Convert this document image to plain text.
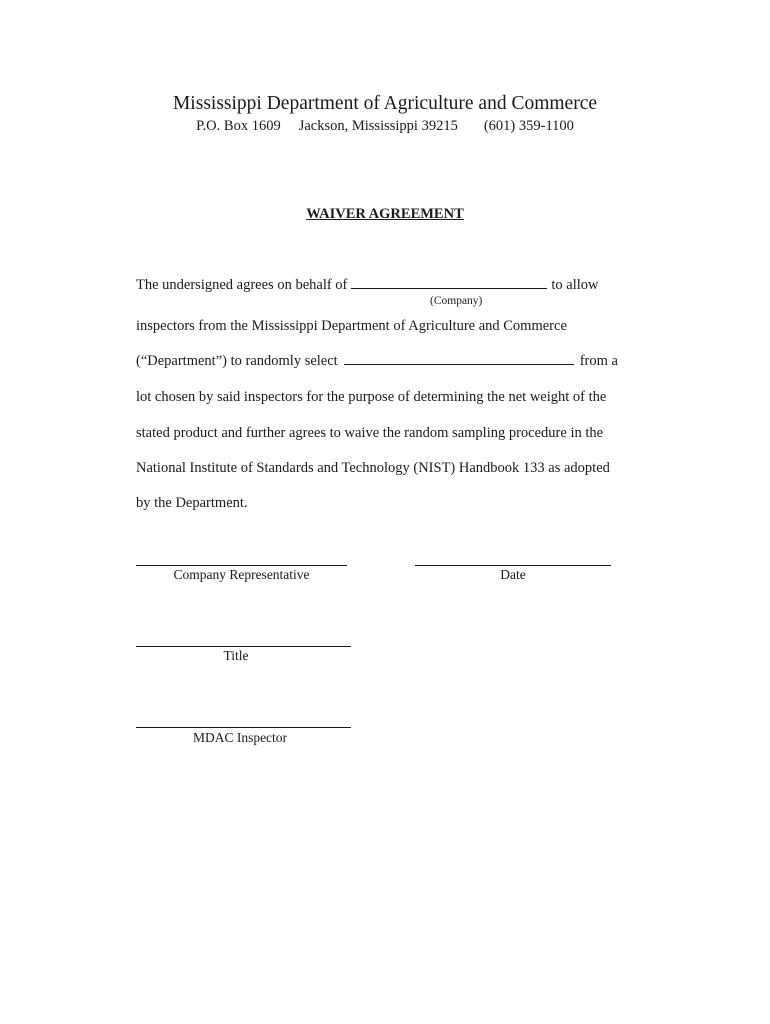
Mississippi Department of Agriculture and Commerce
P.O. Box 1609 Jackson, Mississippi 39215 (601) 359-1100
WAIVER AGREEMENT
The undersigned agrees on behalf of	to allow
(Company)
inspectors from the Mississippi Department of Agriculture and Commerce
(“Department”) to randomly select	from a
lot chosen by said inspectors for the purpose of determining the net weight of the
stated product and further agrees to waive the random sampling procedure in the
National Institute of Standards and Technology (NIST) Handbook 133 as adopted
by the Department.
Company Representative	Date
Title
MDAC Inspector
